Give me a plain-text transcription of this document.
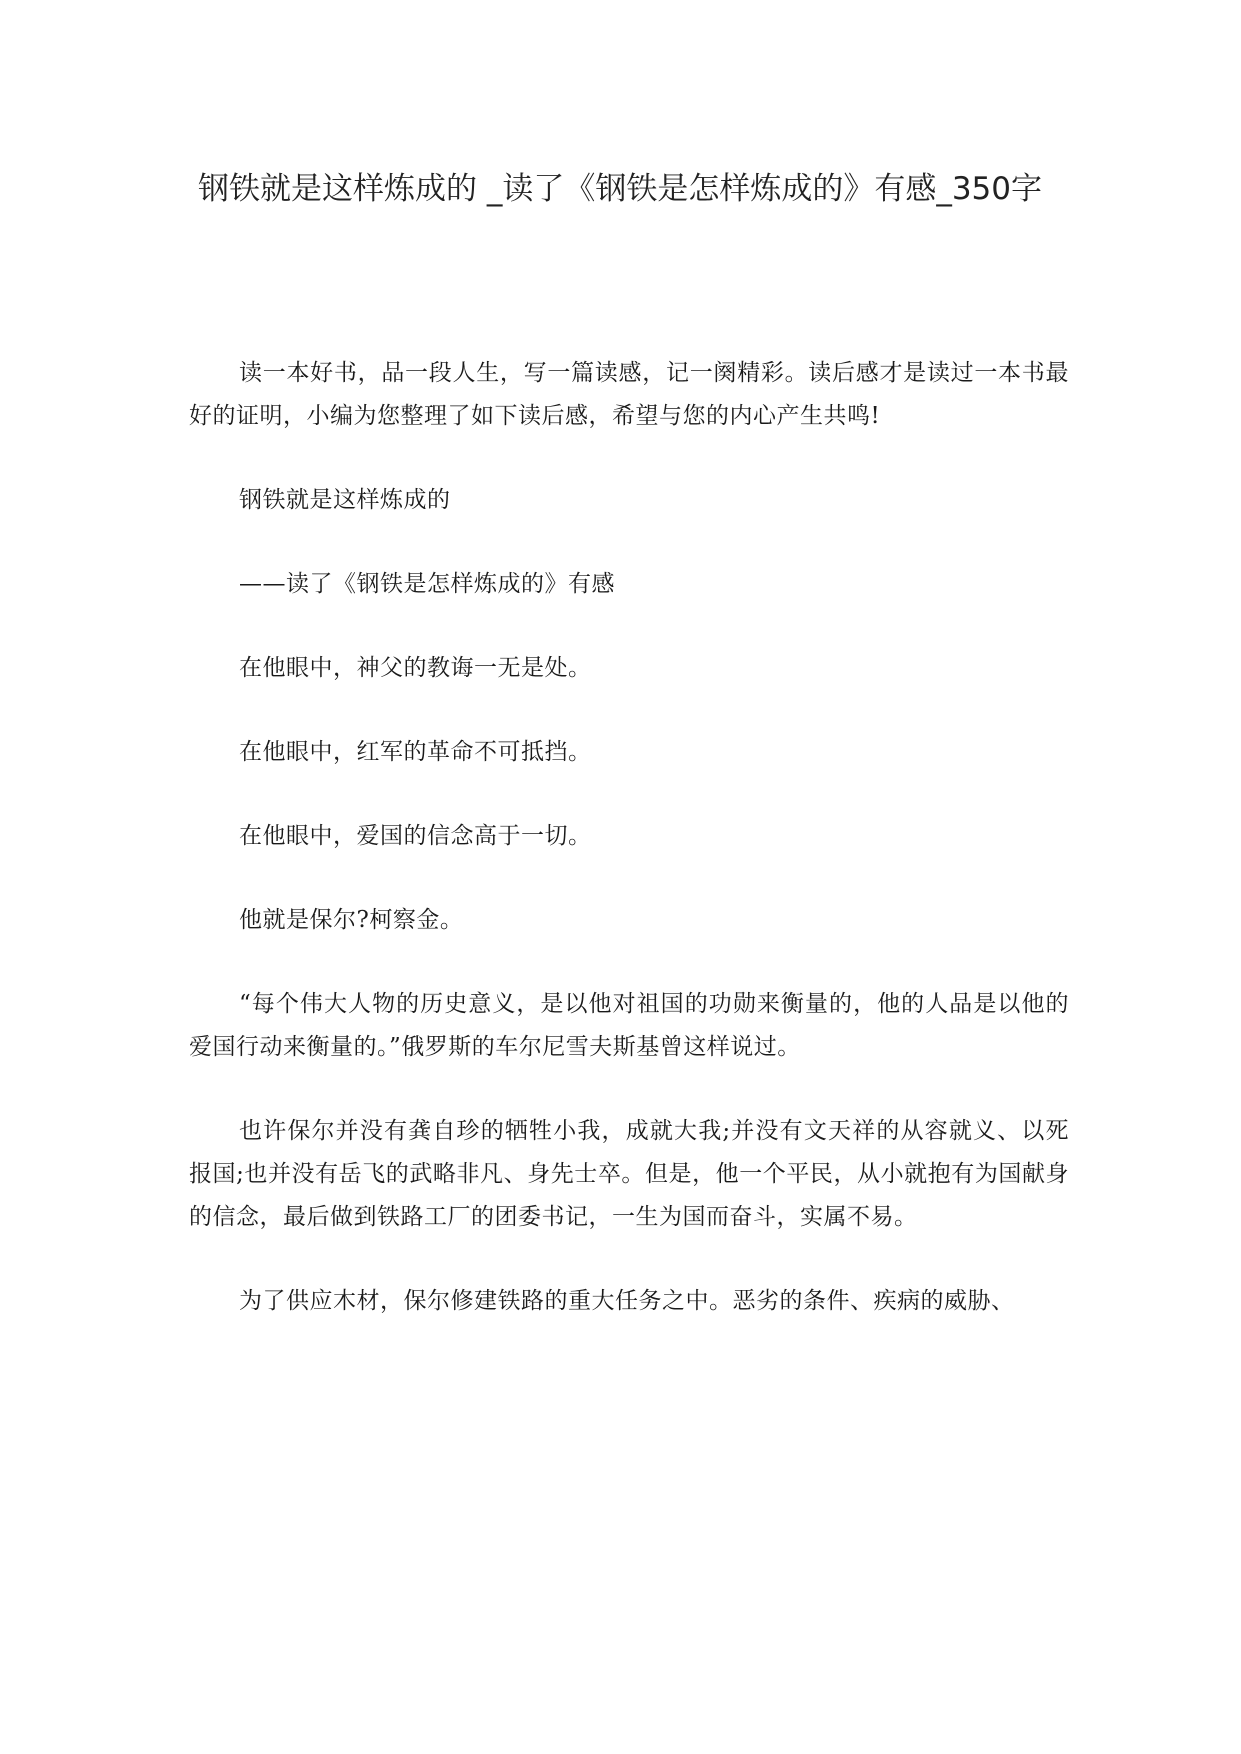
钢铁就是这样炼成的 _读了《钢铁是怎样炼成的》有感_350字

读一本好书，品一段人生，写一篇读感，记一阕精彩。读后感才是读过一本书最好的证明，小编为您整理了如下读后感，希望与您的内心产生共鸣!

钢铁就是这样炼成的

——读了《钢铁是怎样炼成的》有感

在他眼中，神父的教诲一无是处。

在他眼中，红军的革命不可抵挡。

在他眼中，爱国的信念高于一切。

他就是保尔?柯察金。

“每个伟大人物的历史意义，是以他对祖国的功勋来衡量的，他的人品是以他的爱国行动来衡量的。”俄罗斯的车尔尼雪夫斯基曾这样说过。

也许保尔并没有龚自珍的牺牲小我，成就大我;并没有文天祥的从容就义、以死报国;也并没有岳飞的武略非凡、身先士卒。但是，他一个平民，从小就抱有为国献身的信念，最后做到铁路工厂的团委书记，一生为国而奋斗，实属不易。

为了供应木材，保尔修建铁路的重大任务之中。恶劣的条件、疾病的威胁、
